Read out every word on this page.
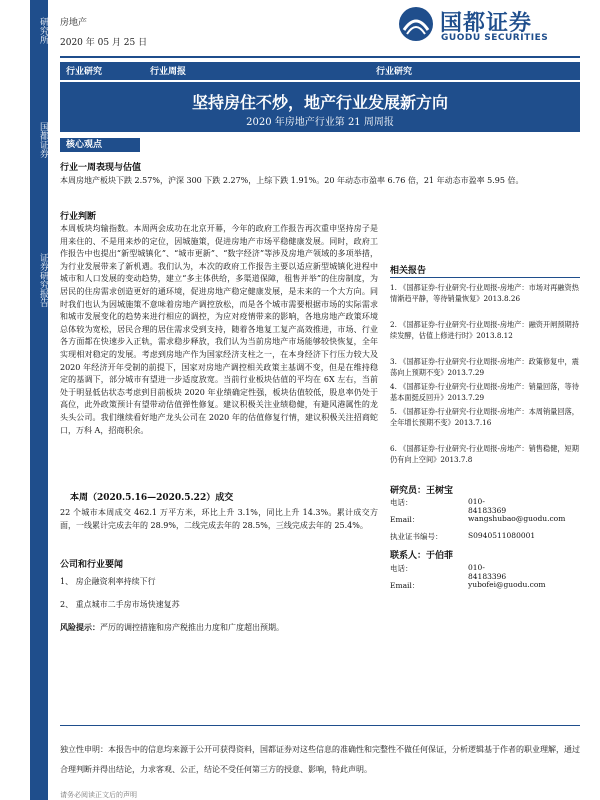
研究所
国都证券
证券研究报告
房地产
2020 年 05 月 25 日
国都证券
GUODU SECURITIES
行业研究	行业周报	行业研究
坚持房住不炒，地产行业发展新方向
2020 年房地产行业第 21 周周报
核心观点
行业一周表现与估值
本周房地产板块下跌 2.57%，沪深 300 下跌 2.27%，上综下跌 1.91%。20 年动态市盈率 6.76 倍，21 年动态市盈率 5.95 倍。
行业判断
本周板块均输指数。本周两会成功在北京开幕，今年的政府工作报告再次重申坚持房子是用来住的、不是用来炒的定位，因城施策，促进房地产市场平稳健康发展。同时，政府工作报告中也提出“新型城镇化”、“城市更新”、“数字经济”等涉及房地产领域的多项举措，为行业发展带来了新机遇。我们认为，本次的政府工作报告主要以适应新型城镇化进程中城市和人口发展的变动趋势，建立“多主体供给，多渠道保障，租售并举”的住房制度，为居民的住房需求创造更好的通环境，促进房地产稳定健康发展，是未来的一个大方向。同时我们也认为因城施策不意味着房地产调控放松，而是各个城市需要根据市场的实际需求和城市发展变化的趋势来进行相应的调控，为应对疫情带来的影响，各地房地产政策环境总体较为宽松，居民合理的居住需求受到支持，随着各地复工复产高效推进，市场、行业各方面都在快速步入正轨，需求稳步释放，我们认为当前房地产市场能够较快恢复，全年实现相对稳定的发展。考虑到房地产作为国家经济支柱之一，在本身经济下行压力较大及 2020 年经济开年受制的前提下，国家对房地产调控相关政策主基调不变，但是在维持稳定的基调下，部分城市有望进一步适度放宽。当前行业板块估值的平均在 6X 左右，当前处于明显低估状态考虑到目前板块 2020 年业绩确定性强，板块估值较低，股息率仍处于高位，此外政策预计有望带动估值弹性修复。建议积极关注业绩稳健，有避风港属性的龙头头公司。我们继续看好地产龙头公司在 2020 年的估值修复行情，建议积极关注招商蛇口，万科 A，招商积余。
本周（2020.5.16—2020.5.22）成交
22 个城市本周成交 462.1 万平方米，环比上升 3.1%，同比上升 14.3%。累计成交方面，一线累计完成去年的 28.9%，二线完成去年的 28.5%，三线完成去年的 25.4%。
公司和行业要闻
1、 房企融资利率持续下行
2、 重点城市二手房市场快速复苏
风险提示：严厉的调控措施和房产税推出力度和广度超出预期。
相关报告
1. 《国都证券-行业研究-行业周报-房地产：市场对再融资热情渐趋平静，等待销量恢复》2013.8.26
2. 《国都证券-行业研究-行业周报-房地产：融资开闸预期持续发酵，估值上修进行时》2013.8.12
3. 《国都证券-行业研究-行业周报-房地产：政策修复中，震荡向上预期不变》2013.7.29
4. 《国都证券-行业研究-行业周报-房地产：销量回落，等待基本面挺反回升》2013.7.29
5. 《国都证券-行业研究-行业周报-房地产：本周销量回落，全年增长预期不变》2013.7.16
6. 《国都证券-行业研究-行业周报-房地产：销售稳健，短期仍有向上空间》2013.7.8
研究员：王树宝
电话：	010-84183369
Email：	wangshubao@guodu.com
执业证书编号：	S0940511080001
联系人：于伯菲
电话：	010- 84183396
Email：	yubofei@guodu.com
独立性申明：本报告中的信息均来源于公开可获得资料，国都证券对这些信息的准确性和完整性不做任何保证，分析逻辑基于作者的职业理解，通过合理判断并得出结论，力求客观、公正，结论不受任何第三方的授意、影响，特此声明。
请务必阅读正文后的声明
